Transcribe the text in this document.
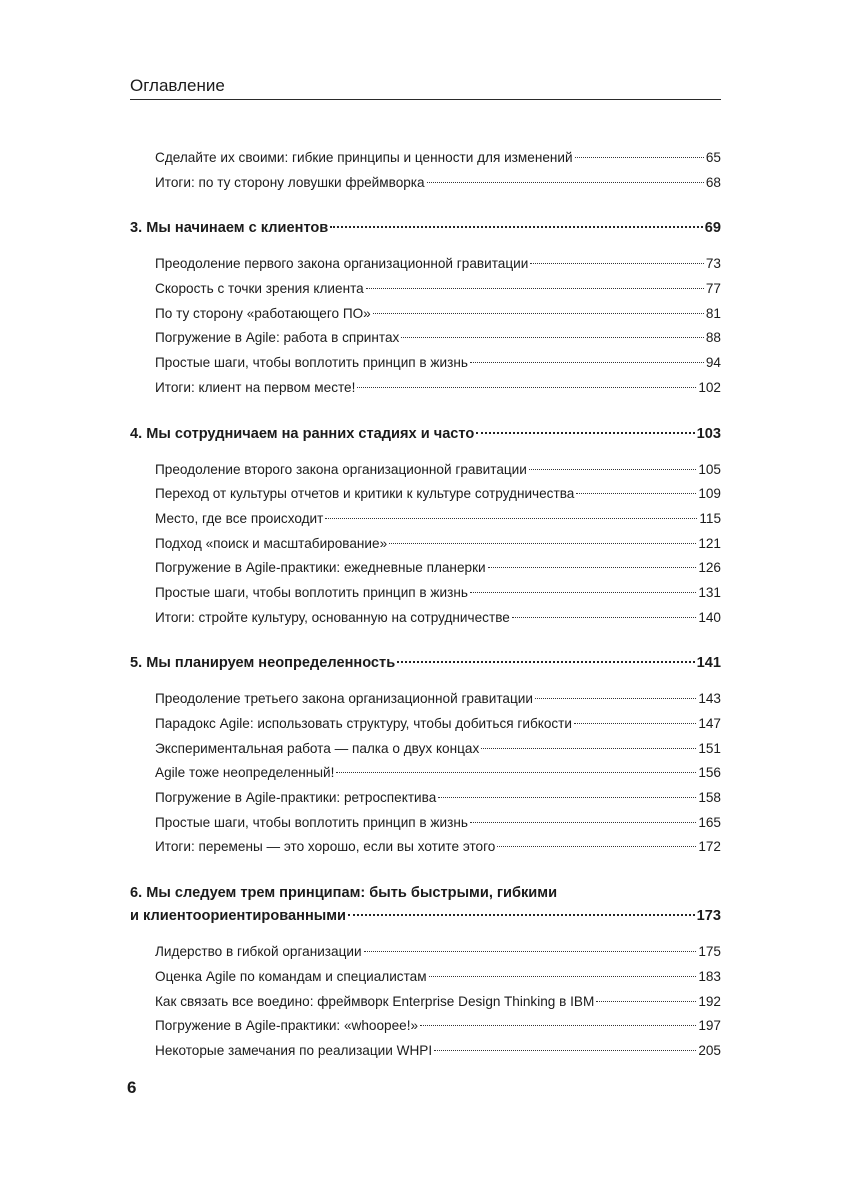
Оглавление
Сделайте их своими: гибкие принципы и ценности для изменений	65
Итоги: по ту сторону ловушки фреймворка	68
3. Мы начинаем с клиентов	69
Преодоление первого закона организационной гравитации	73
Скорость с точки зрения клиента	77
По ту сторону «работающего ПО»	81
Погружение в Agile: работа в спринтах	88
Простые шаги, чтобы воплотить принцип в жизнь	94
Итоги: клиент на первом месте!	102
4. Мы сотрудничаем на ранних стадиях и часто	103
Преодоление второго закона организационной гравитации	105
Переход от культуры отчетов и критики к культуре сотрудничества	109
Место, где все происходит	115
Подход «поиск и масштабирование»	121
Погружение в Agile-практики: ежедневные планерки	126
Простые шаги, чтобы воплотить принцип в жизнь	131
Итоги: стройте культуру, основанную на сотрудничестве	140
5. Мы планируем неопределенность	141
Преодоление третьего закона организационной гравитации	143
Парадокс Agile: использовать структуру, чтобы добиться гибкости	147
Экспериментальная работа — палка о двух концах	151
Agile тоже неопределенный!	156
Погружение в Agile-практики: ретроспектива	158
Простые шаги, чтобы воплотить принцип в жизнь	165
Итоги: перемены — это хорошо, если вы хотите этого	172
6. Мы следуем трем принципам: быть быстрыми, гибкими
и клиентоориентированными	173
Лидерство в гибкой организации	175
Оценка Agile по командам и специалистам	183
Как связать все воедино: фреймворк Enterprise Design Thinking в IBM	192
Погружение в Agile-практики: «whoopee!»	197
Некоторые замечания по реализации WHPI	205
6
